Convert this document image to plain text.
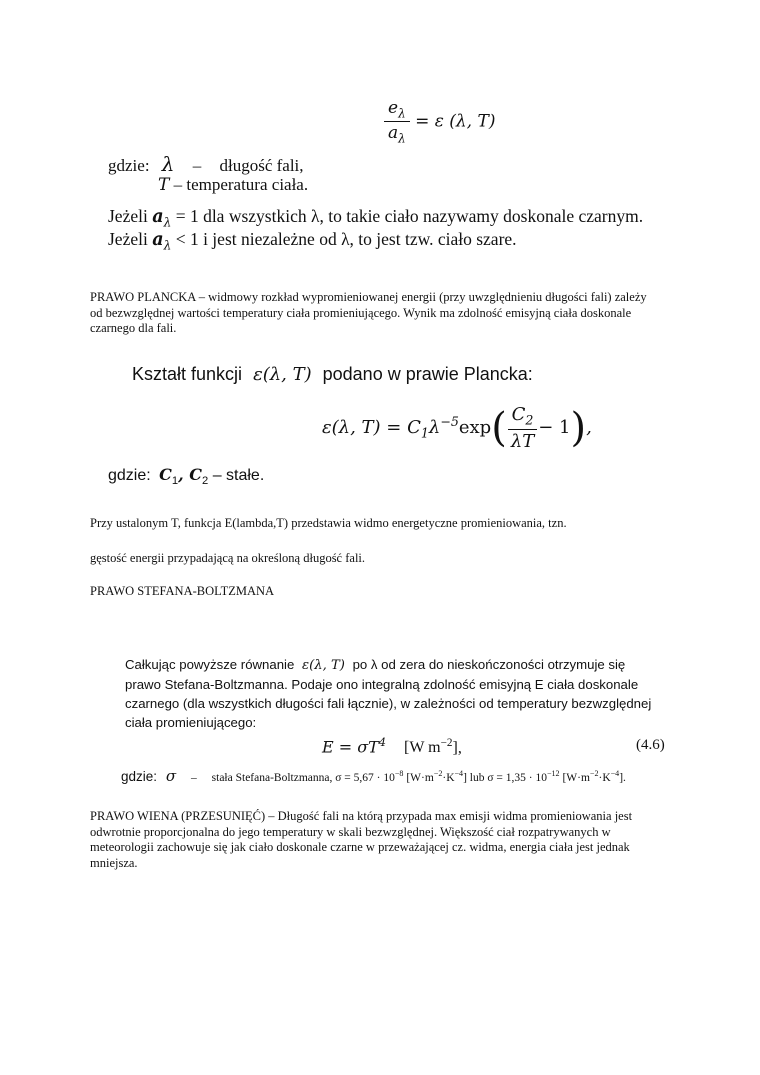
$\frac{e_\lambda}{a_\lambda} = \varepsilon$ (λ, T)
gdzie: λ – długość fali,
T – temperatura ciała.
Jeżeli $a_\lambda = 1$ dla wszystkich λ, to takie ciało nazywamy doskonale czarnym.
Jeżeli $a_\lambda < 1$ i jest niezależne od λ, to jest tzw. ciało szare.
PRAWO PLANCKA – widmowy rozkład wypromieniowanej energii (przy uwzględnieniu długości fali) zależy od bezwzględnej wartości temperatury ciała promieniującego. Wynik ma zdolność emisyjną ciała doskonale czarnego dla fali.
Kształt funkcji ε(λ, T) podano w prawie Plancka:
ε(λ, $T) = C_1\lambda^{-5}\exp( \frac{C_2}{\lambda T} - 1)$,
gdzie: $C_1$, $C_2$ – stałe.
Przy ustalonym T, funkcja E(lambda,T) przedstawia widmo energetyczne promieniowania, tzn.
gęstość energii przypadającą na określoną długość fali.
PRAWO STEFANA-BOLTZMANA
Całkując powyższe równanie ε(λ, T) po λ od zera do nieskończoności otrzymuje się
prawo Stefana-Boltzmanna. Podaje ono integralną zdolność emisyjną E ciała doskonale
czarnego (dla wszystkich długości fali łącznie), w zależności od temperatury bezwzględnej
ciała promieniującego:
$E = \sigma T^4$ [W $m^{-2}$],	(4.6)
gdzie: σ – stała Stefana-Boltzmanna, $\sigma = 5,67 \cdot 10^{-8}$ $[W\cdot m^{-2}\cdot K^{-4}]$ lub $\sigma = 1,35 \cdot 10^{-12}$ $[W\cdot m^{-2}\cdot K^{-4}]$.
PRAWO WIENA (PRZESUNIĘĆ) – Długość fali na którą przypada max emisji widma promieniowania jest odwrotnie proporcjonalna do jego temperatury w skali bezwzględnej. Większość ciał rozpatrywanych w meteorologii zachowuje się jak ciało doskonale czarne w przeważającej cz. widma, energia ciała jest jednak mniejsza.
